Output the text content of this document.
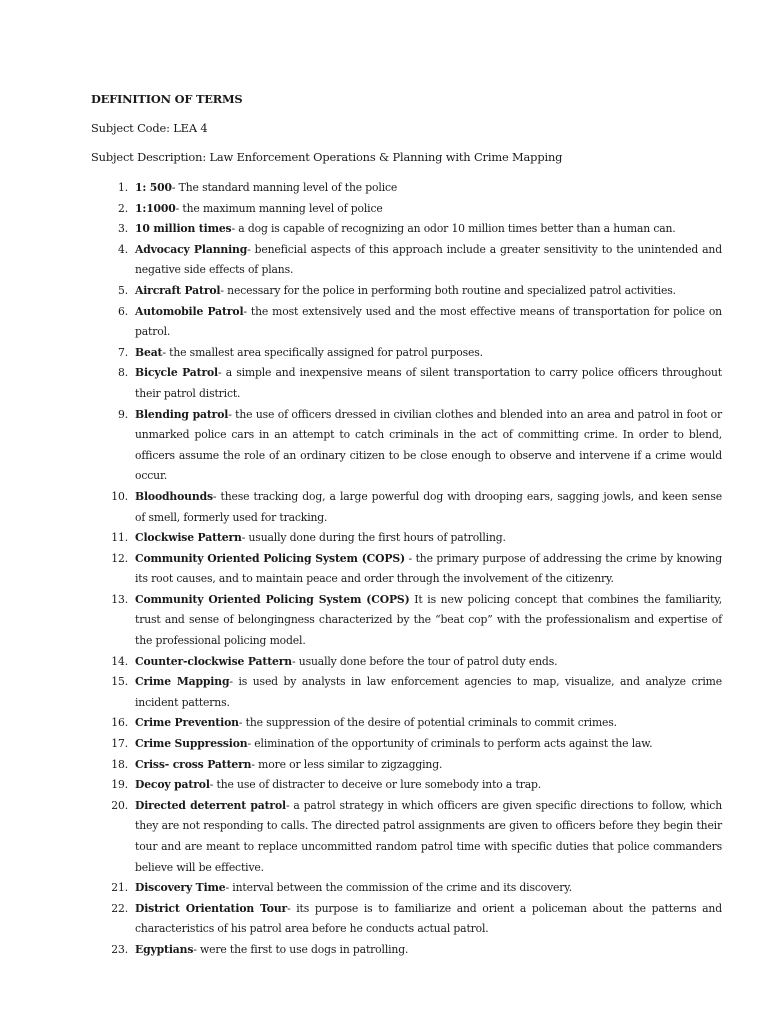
DEFINITION OF TERMS
Subject Code: LEA 4
Subject Description: Law Enforcement Operations & Planning with Crime Mapping
1. 1: 500- The standard manning level of the police
2. 1:1000- the maximum manning level of police
3. 10 million times- a dog is capable of recognizing an odor 10 million times better than a human can.
4. Advocacy Planning- beneficial aspects of this approach include a greater sensitivity to the unintended and negative side effects of plans.
5. Aircraft Patrol- necessary for the police in performing both routine and specialized patrol activities.
6. Automobile Patrol- the most extensively used and the most effective means of transportation for police on patrol.
7. Beat- the smallest area specifically assigned for patrol purposes.
8. Bicycle Patrol- a simple and inexpensive means of silent transportation to carry police officers throughout their patrol district.
9. Blending patrol- the use of officers dressed in civilian clothes and blended into an area and patrol in foot or unmarked police cars in an attempt to catch criminals in the act of committing crime. In order to blend, officers assume the role of an ordinary citizen to be close enough to observe and intervene if a crime would occur.
10. Bloodhounds- these tracking dog, a large powerful dog with drooping ears, sagging jowls, and keen sense of smell, formerly used for tracking.
11. Clockwise Pattern- usually done during the first hours of patrolling.
12. Community Oriented Policing System (COPS) - the primary purpose of addressing the crime by knowing its root causes, and to maintain peace and order through the involvement of the citizenry.
13. Community Oriented Policing System (COPS) It is new policing concept that combines the familiarity, trust and sense of belongingness characterized by the “beat cop” with the professionalism and expertise of the professional policing model.
14. Counter-clockwise Pattern- usually done before the tour of patrol duty ends.
15. Crime Mapping- is used by analysts in law enforcement agencies to map, visualize, and analyze crime incident patterns.
16. Crime Prevention- the suppression of the desire of potential criminals to commit crimes.
17. Crime Suppression- elimination of the opportunity of criminals to perform acts against the law.
18. Criss- cross Pattern- more or less similar to zigzagging.
19. Decoy patrol- the use of distracter to deceive or lure somebody into a trap.
20. Directed deterrent patrol- a patrol strategy in which officers are given specific directions to follow, which they are not responding to calls. The directed patrol assignments are given to officers before they begin their tour and are meant to replace uncommitted random patrol time with specific duties that police commanders believe will be effective.
21. Discovery Time- interval between the commission of the crime and its discovery.
22. District Orientation Tour- its purpose is to familiarize and orient a policeman about the patterns and characteristics of his patrol area before he conducts actual patrol.
23. Egyptians- were the first to use dogs in patrolling.
